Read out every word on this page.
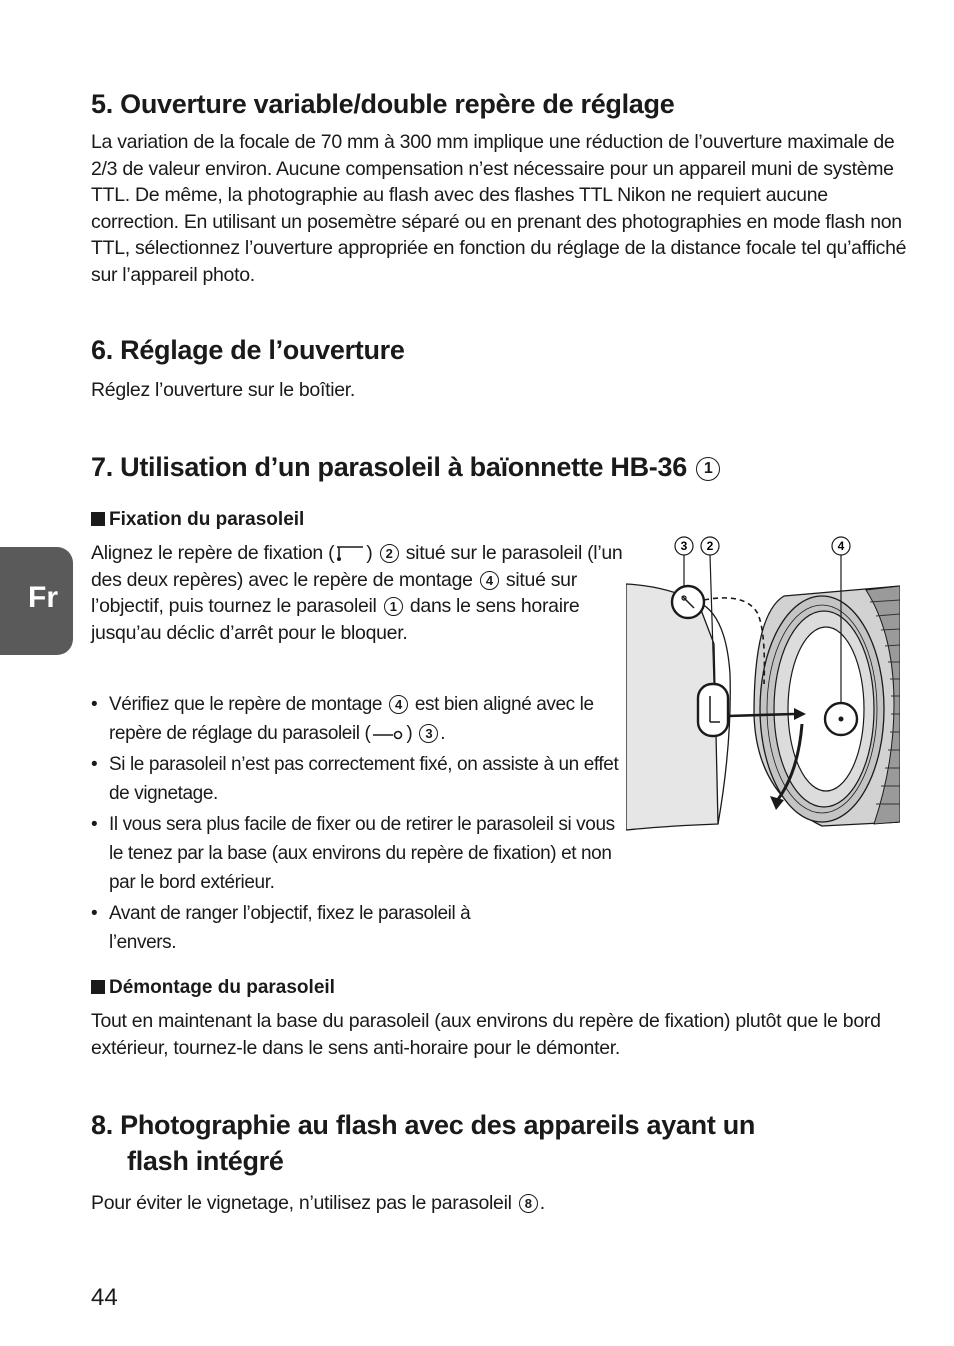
Fr
5. Ouverture variable/double repère de réglage

La variation de la focale de 70 mm à 300 mm implique une réduction de l’ouverture maximale de 2/3 de valeur environ. Aucune compensation n’est nécessaire pour un appareil muni de système TTL. De même, la photographie au flash avec des flashes TTL Nikon ne requiert aucune correction. En utilisant un posemètre séparé ou en prenant des photographies en mode flash non TTL, sélectionnez l’ouverture appropriée en fonction du réglage de la distance focale tel qu’affiché sur l’appareil photo.

6. Réglage de l’ouverture

Réglez l’ouverture sur le boîtier.

7. Utilisation d’un parasoleil à baïonnette HB-36 1

Fixation du parasoleil

Alignez le repère de fixation ( ) 2 situé sur le parasoleil (l’un des deux repères) avec le repère de montage 4 situé sur l’objectif, puis tournez le parasoleil 1 dans le sens horaire jusqu’au déclic d’arrêt pour le bloquer.

• Vérifiez que le repère de montage 4 est bien aligné avec le repère de réglage du parasoleil ( ) 3 .
• Si le parasoleil n’est pas correctement fixé, on assiste à un effet de vignetage.
• Il vous sera plus facile de fixer ou de retirer le parasoleil si vous le tenez par la base (aux environs du repère de fixation) et non par le bord extérieur.
• Avant de ranger l’objectif, fixez le parasoleil à l’envers.
3 2	4

Démontage du parasoleil

Tout en maintenant la base du parasoleil (aux environs du repère de fixation) plutôt que le bord extérieur, tournez-le dans le sens anti-horaire pour le démonter.

8. Photographie au flash avec des appareils ayant un
flash intégré

Pour éviter le vignetage, n’utilisez pas le parasoleil 8 .

44
